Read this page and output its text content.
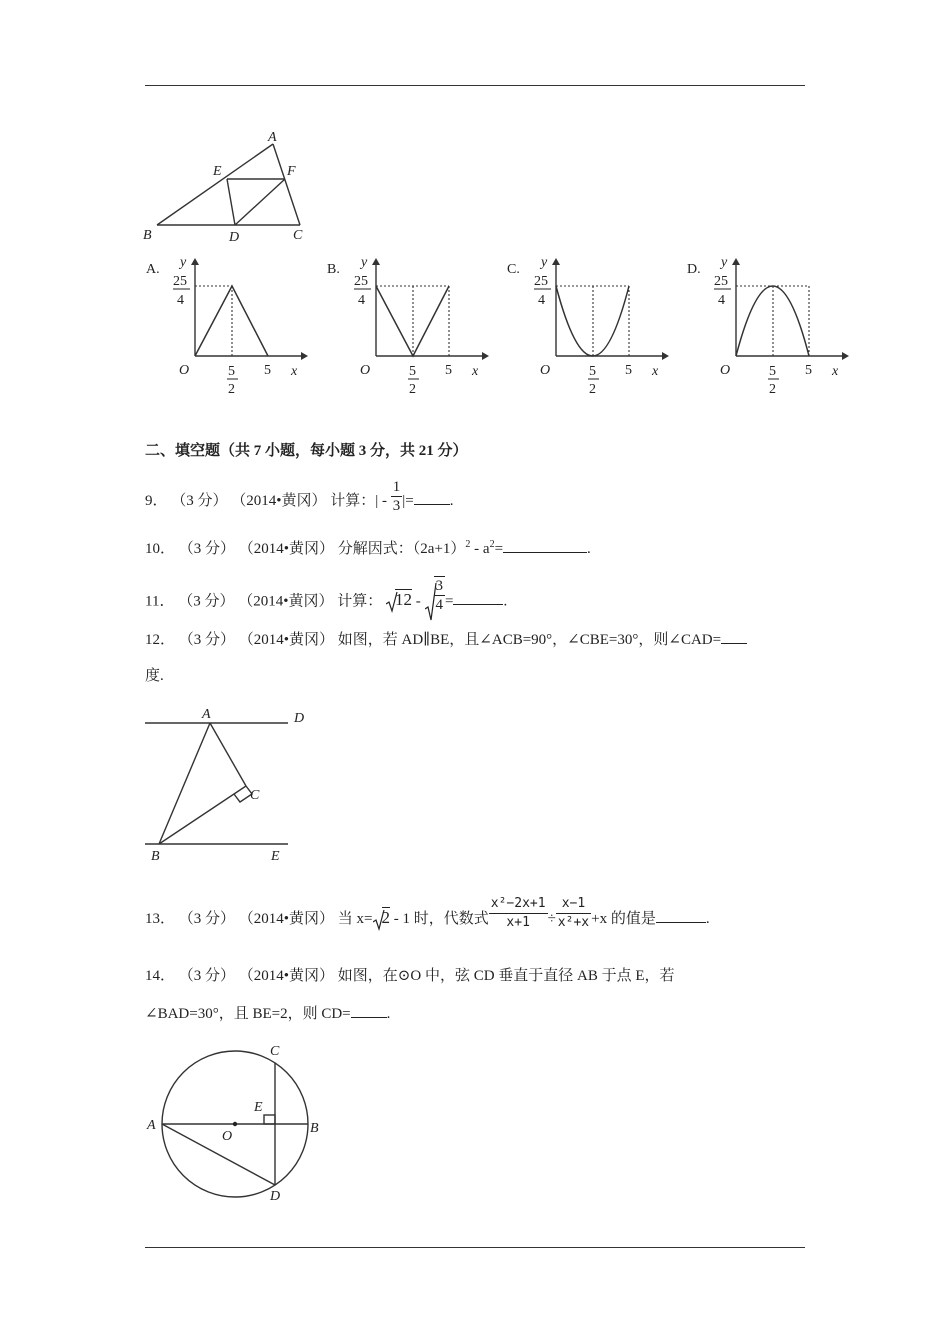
A
E	F
B	D	C
A. y
25
4
O	5
2
5 x
B. y
25
4
O	5
2
5 x
C. y
25
4
O	5
2
5 x
D. y
25
4
O	5
2
5 x
二、填空题（共 7 小题，每小题 3 分，共 21 分）
9． （3 分） （2014•黄冈） 计算：| - $\frac{1}{3}$ |= .
10． （3 分） （2014•黄冈） 分解因式：$(2a+1)^2 - a^2=$	.
11． （3 分） （2014•黄冈） 计算： $12 - \frac{3}{4}$ =	.
12． （3 分） （2014•黄冈） 如图，若 AD∥BE，且∠ACB=90°，∠CBE=30°，则∠CAD=
度.
A	D
C
B	E
13． （3 分） （2014•黄冈） 当 x= 2 - 1 时，代数式 $\frac{\text{x²−2x+1}}{x+1} \div \frac{x-1}{\text{x²+x}} +x$ 的值是	.
14． （3 分） （2014•黄冈） 如图，在⊙O 中，弦 CD 垂直于直径 AB 于点 E，若
∠BAD=30°，且 BE=2，则 CD= .
C
E
A
O
B
D
